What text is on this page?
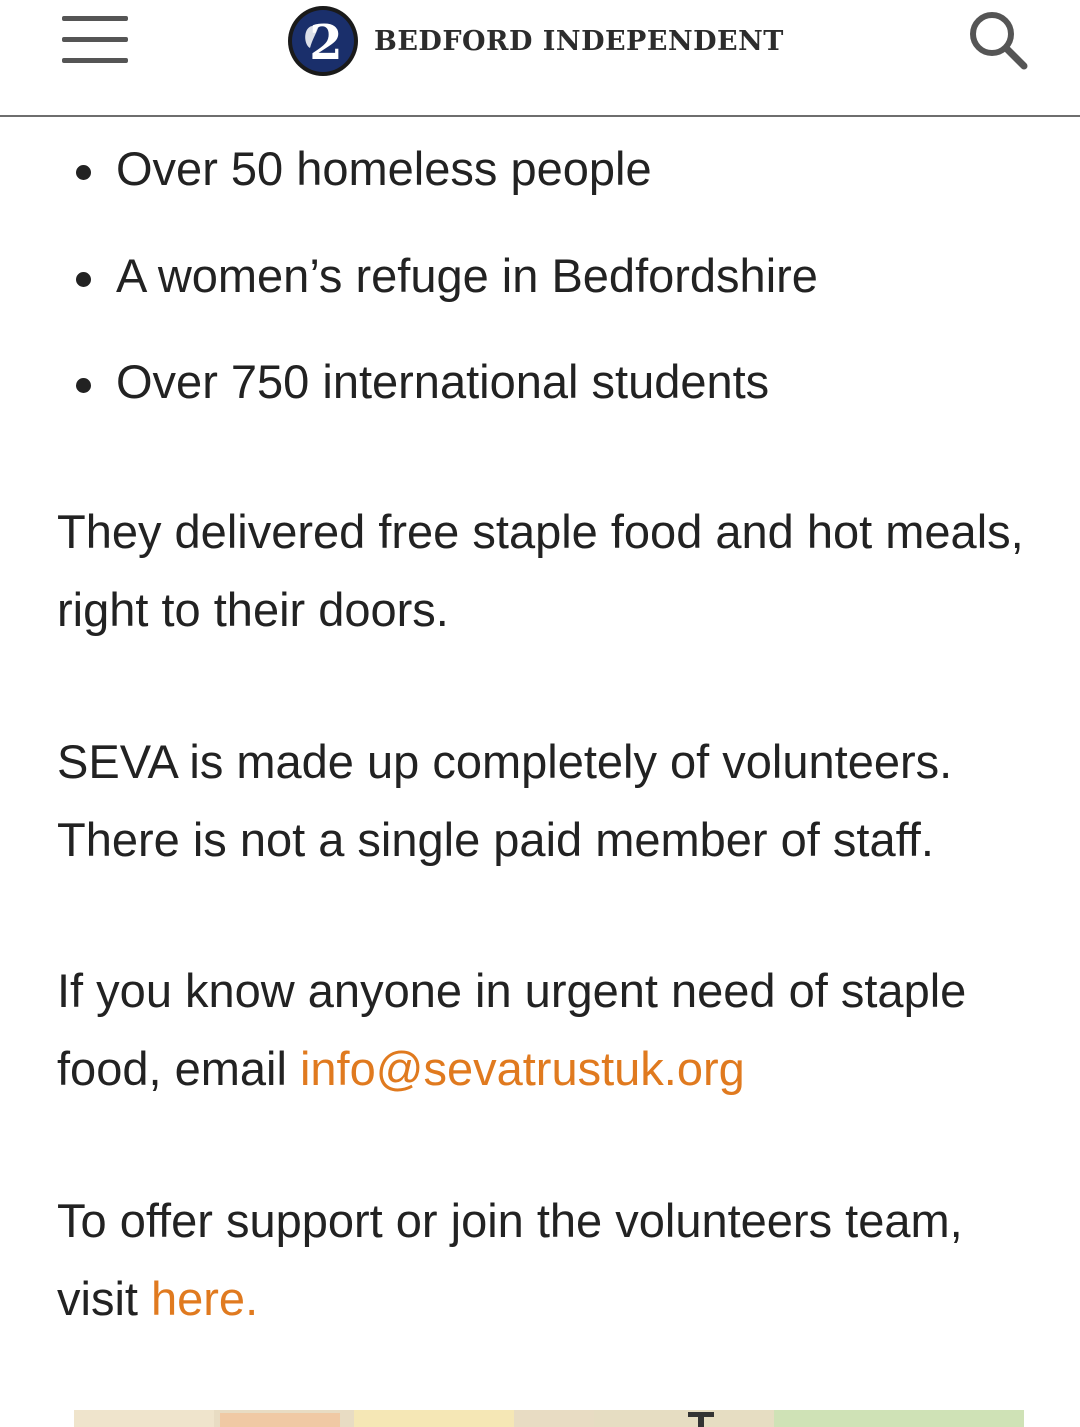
2 BEDFORD INDEPENDENT
Over 50 homeless people
A women’s refuge in Bedfordshire
Over 750 international students

They delivered free staple food and hot meals, right to their doors.

SEVA is made up completely of volunteers. There is not a single paid member of staff.

If you know anyone in urgent need of staple food, email info@sevatrustuk.org

To offer support or join the volunteers team, visit here.
